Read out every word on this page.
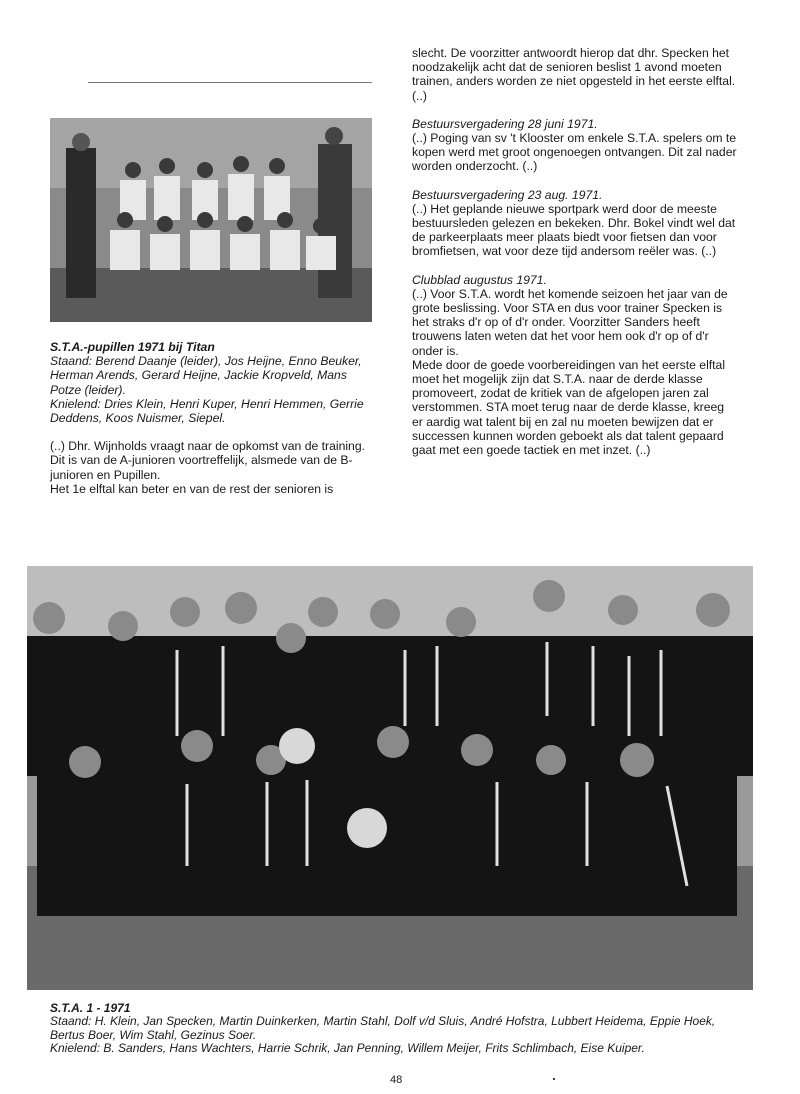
slecht. De voorzitter antwoordt hierop dat dhr. Specken het noodzakelijk acht dat de senioren beslist 1 avond moeten trainen, anders worden ze niet opgesteld in het eerste elftal. (..)

Bestuursvergadering 28 juni 1971.

(..) Poging van sv 't Klooster om enkele S.T.A. spelers om te kopen werd met groot ongenoegen ontvangen. Dit zal nader worden onderzocht. (..)

Bestuursvergadering 23 aug. 1971.

(..) Het geplande nieuwe sportpark werd door de meeste bestuursleden gelezen en bekeken. Dhr. Bokel vindt wel dat de parkeerplaats meer plaats biedt voor fietsen dan voor bromfietsen, wat voor deze tijd andersom reëler was. (..)

Clubblad augustus 1971.

(..) Voor S.T.A. wordt het komende seizoen het jaar van de grote beslissing. Voor STA en dus voor trainer Specken is het straks d'r op of d'r onder. Voorzitter Sanders heeft trouwens laten weten dat het voor hem ook d'r op of d'r onder is.

Mede door de goede voorbereidingen van het eerste elftal moet het mogelijk zijn dat S.T.A. naar de derde klasse promoveert, zodat de kritiek van de afgelopen jaren zal verstommen. STA moet terug naar de derde klasse, kreeg er aardig wat talent bij en zal nu moeten bewijzen dat er successen kunnen worden geboekt als dat talent gepaard gaat met een goede tactiek en met inzet. (..)

S.T.A.-pupillen 1971 bij Titan

Staand: Berend Daanje (leider), Jos Heijne, Enno Beuker, Herman Arends, Gerard Heijne, Jackie Kropveld, Mans Potze (leider).

Knielend: Dries Klein, Henri Kuper, Henri Hemmen, Gerrie Deddens, Koos Nuismer, Siepel.

(..) Dhr. Wijnholds vraagt naar de opkomst van de training. Dit is van de A-junioren voortreffelijk, alsmede van de B-junioren en Pupillen.

Het 1e elftal kan beter en van de rest der senioren is

S.T.A. 1 - 1971

Staand: H. Klein, Jan Specken, Martin Duinkerken, Martin Stahl, Dolf v/d Sluis, André Hofstra, Lubbert Heidema, Eppie Hoek, Bertus Boer, Wim Stahl, Gezinus Soer.

Knielend: B. Sanders, Hans Wachters, Harrie Schrik, Jan Penning, Willem Meijer, Frits Schlimbach, Eise Kuiper.

48
